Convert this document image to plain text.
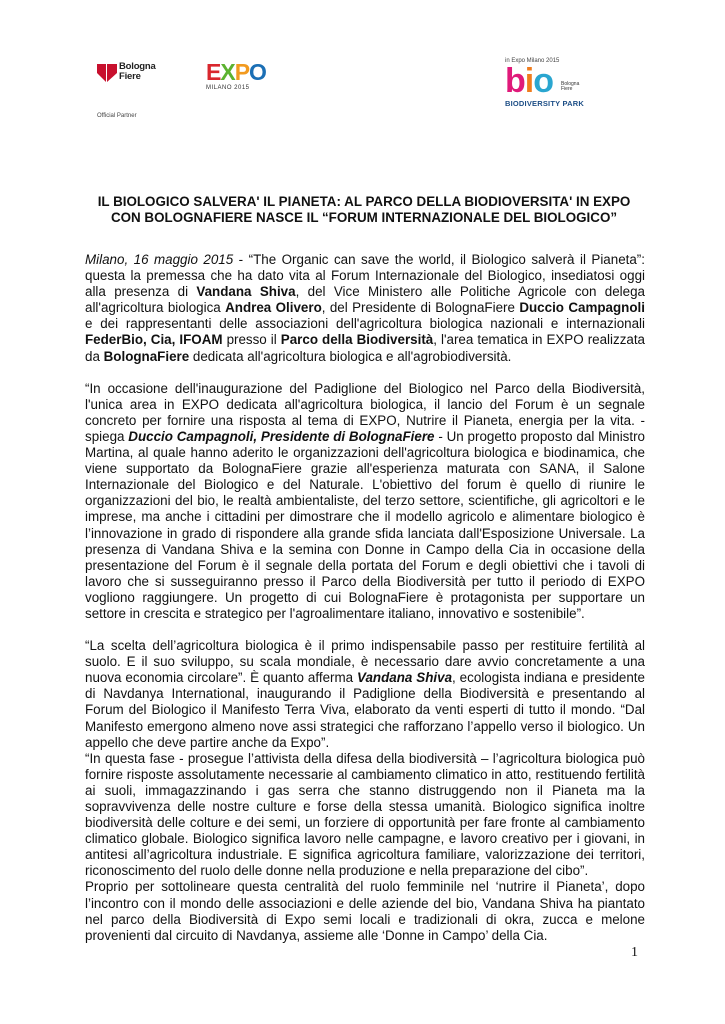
Bologna
Fiere
Official Partner
EXPO
MILANO 2015
in Expo Milano 2015
bio	Bologna
Fiere
BIODIVERSITY PARK
IL BIOLOGICO SALVERA' IL PIANETA: AL PARCO DELLA BIODIOVERSITA' IN EXPO
CON BOLOGNAFIERE NASCE IL “FORUM INTERNAZIONALE DEL BIOLOGICO”

Milano, 16 maggio 2015 - “The Organic can save the world, il Biologico salverà il Pianeta”: questa la premessa che ha dato vita al Forum Internazionale del Biologico, insediatosi oggi alla presenza di Vandana Shiva, del Vice Ministero alle Politiche Agricole con delega all'agricoltura biologica Andrea Olivero, del Presidente di BolognaFiere Duccio Campagnoli e dei rappresentanti delle associazioni dell'agricoltura biologica nazionali e internazionali FederBio, Cia, IFOAM presso il Parco della Biodiversità, l'area tematica in EXPO realizzata da BolognaFiere dedicata all'agricoltura biologica e all'agrobiodiversità.

“In occasione dell'inaugurazione del Padiglione del Biologico nel Parco della Biodiversità, l'unica area in EXPO dedicata all'agricoltura biologica, il lancio del Forum è un segnale concreto per fornire una risposta al tema di EXPO, Nutrire il Pianeta, energia per la vita. - spiega Duccio Campagnoli, Presidente di BolognaFiere - Un progetto proposto dal Ministro Martina, al quale hanno aderito le organizzazioni dell'agricoltura biologica e biodinamica, che viene supportato da BolognaFiere grazie all'esperienza maturata con SANA, il Salone Internazionale del Biologico e del Naturale. L'obiettivo del forum è quello di riunire le organizzazioni del bio, le realtà ambientaliste, del terzo settore, scientifiche, gli agricoltori e le imprese, ma anche i cittadini per dimostrare che il modello agricolo e alimentare biologico è l’innovazione in grado di rispondere alla grande sfida lanciata dall'Esposizione Universale. La presenza di Vandana Shiva e la semina con Donne in Campo della Cia in occasione della presentazione del Forum è il segnale della portata del Forum e degli obiettivi che i tavoli di lavoro che si susseguiranno presso il Parco della Biodiversità per tutto il periodo di EXPO vogliono raggiungere. Un progetto di cui BolognaFiere è protagonista per supportare un settore in crescita e strategico per l'agroalimentare italiano, innovativo e sostenibile”.

“La scelta dell’agricoltura biologica è il primo indispensabile passo per restituire fertilità al suolo. E il suo sviluppo, su scala mondiale, è necessario dare avvio concretamente a una nuova economia circolare”. È quanto afferma Vandana Shiva, ecologista indiana e presidente di Navdanya International, inaugurando il Padiglione della Biodiversità e presentando al Forum del Biologico il Manifesto Terra Viva, elaborato da venti esperti di tutto il mondo. “Dal Manifesto emergono almeno nove assi strategici che rafforzano l’appello verso il biologico. Un appello che deve partire anche da Expo”.

“In questa fase - prosegue l’attivista della difesa della biodiversità – l’agricoltura biologica può fornire risposte assolutamente necessarie al cambiamento climatico in atto, restituendo fertilità ai suoli, immagazzinando i gas serra che stanno distruggendo non il Pianeta ma la sopravvivenza delle nostre culture e forse della stessa umanità. Biologico significa inoltre biodiversità delle colture e dei semi, un forziere di opportunità per fare fronte al cambiamento climatico globale. Biologico significa lavoro nelle campagne, e lavoro creativo per i giovani, in antitesi all’agricoltura industriale. E significa agricoltura familiare, valorizzazione dei territori, riconoscimento del ruolo delle donne nella produzione e nella preparazione del cibo”.

Proprio per sottolineare questa centralità del ruolo femminile nel ‘nutrire il Pianeta’, dopo l’incontro con il mondo delle associazioni e delle aziende del bio, Vandana Shiva ha piantato nel parco della Biodiversità di Expo semi locali e tradizionali di okra, zucca e melone provenienti dal circuito di Navdanya, assieme alle ‘Donne in Campo’ della Cia.

1
